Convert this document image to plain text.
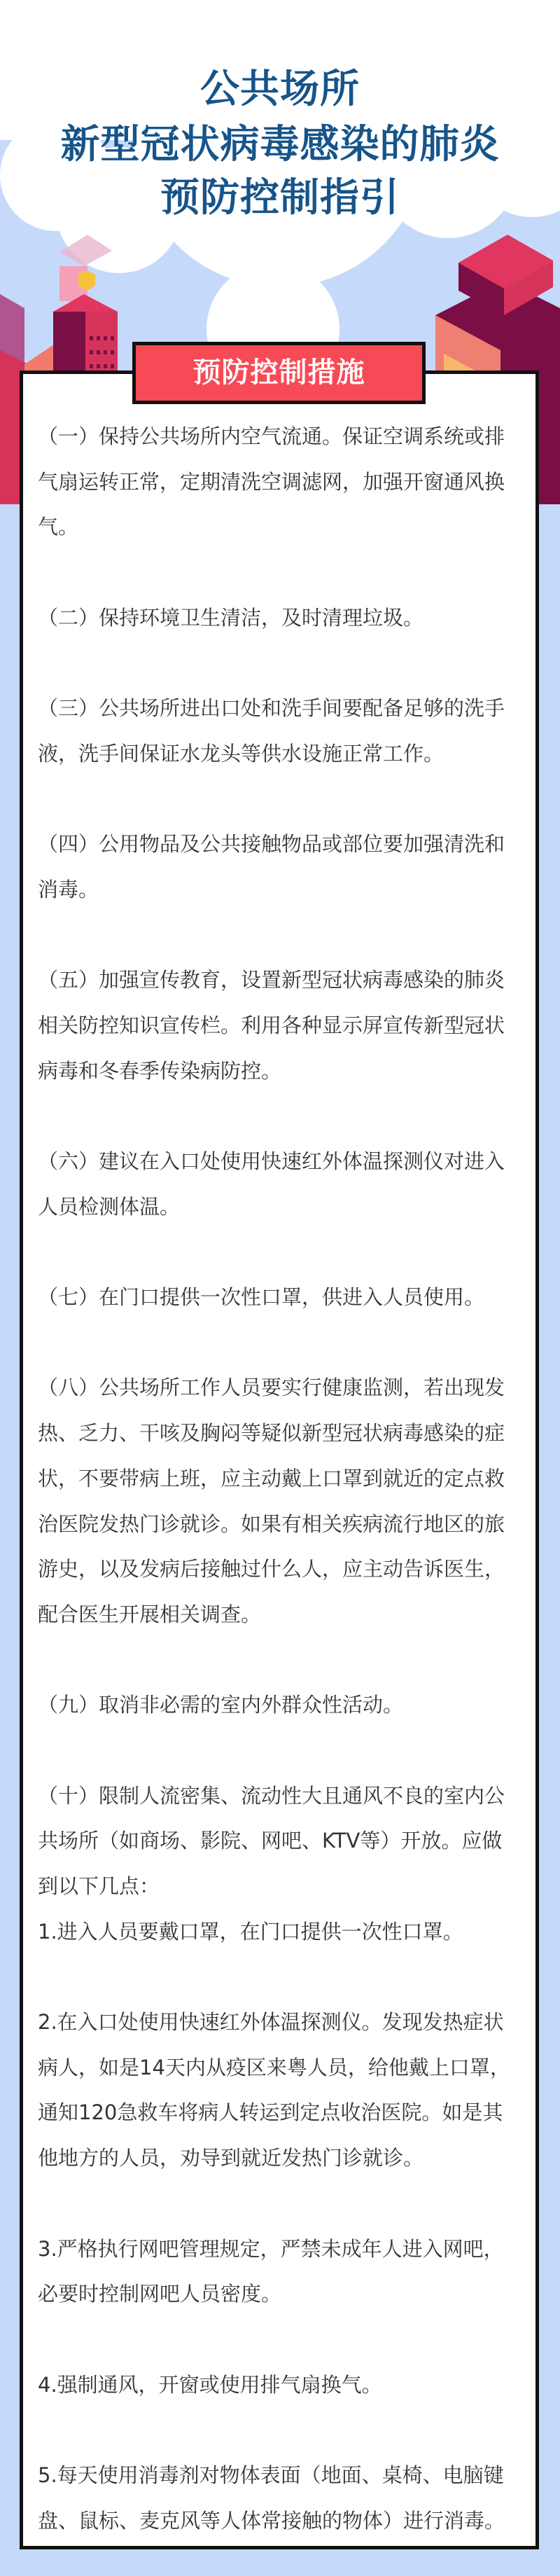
公共场所
新型冠状病毒感染的肺炎
预防控制指引
（一）保持公共场所内空气流通。保证空调系统或排
气扇运转正常，定期清洗空调滤网，加强开窗通风换
气。
（二）保持环境卫生清洁，及时清理垃圾。
（三）公共场所进出口处和洗手间要配备足够的洗手
液，洗手间保证水龙头等供水设施正常工作。
（四）公用物品及公共接触物品或部位要加强清洗和
消毒。
（五）加强宣传教育，设置新型冠状病毒感染的肺炎
相关防控知识宣传栏。利用各种显示屏宣传新型冠状
病毒和冬春季传染病防控。
（六）建议在入口处使用快速红外体温探测仪对进入
人员检测体温。
（七）在门口提供一次性口罩，供进入人员使用。
（八）公共场所工作人员要实行健康监测，若出现发
热、乏力、干咳及胸闷等疑似新型冠状病毒感染的症
状，不要带病上班，应主动戴上口罩到就近的定点救
治医院发热门诊就诊。如果有相关疾病流行地区的旅
游史，以及发病后接触过什么人，应主动告诉医生，
配合医生开展相关调查。
（九）取消非必需的室内外群众性活动。
（十）限制人流密集、流动性大且通风不良的室内公
共场所（如商场、影院、网吧、KTV等）开放。应做
到以下几点：
1.进入人员要戴口罩，在门口提供一次性口罩。
2.在入口处使用快速红外体温探测仪。发现发热症状
病人，如是14天内从疫区来粤人员，给他戴上口罩，
通知120急救车将病人转运到定点收治医院。如是其
他地方的人员，劝导到就近发热门诊就诊。
3.严格执行网吧管理规定，严禁未成年人进入网吧，
必要时控制网吧人员密度。
4.强制通风，开窗或使用排气扇换气。
5.每天使用消毒剂对物体表面（地面、桌椅、电脑键
盘、鼠标、麦克风等人体常接触的物体）进行消毒。
预防控制措施
